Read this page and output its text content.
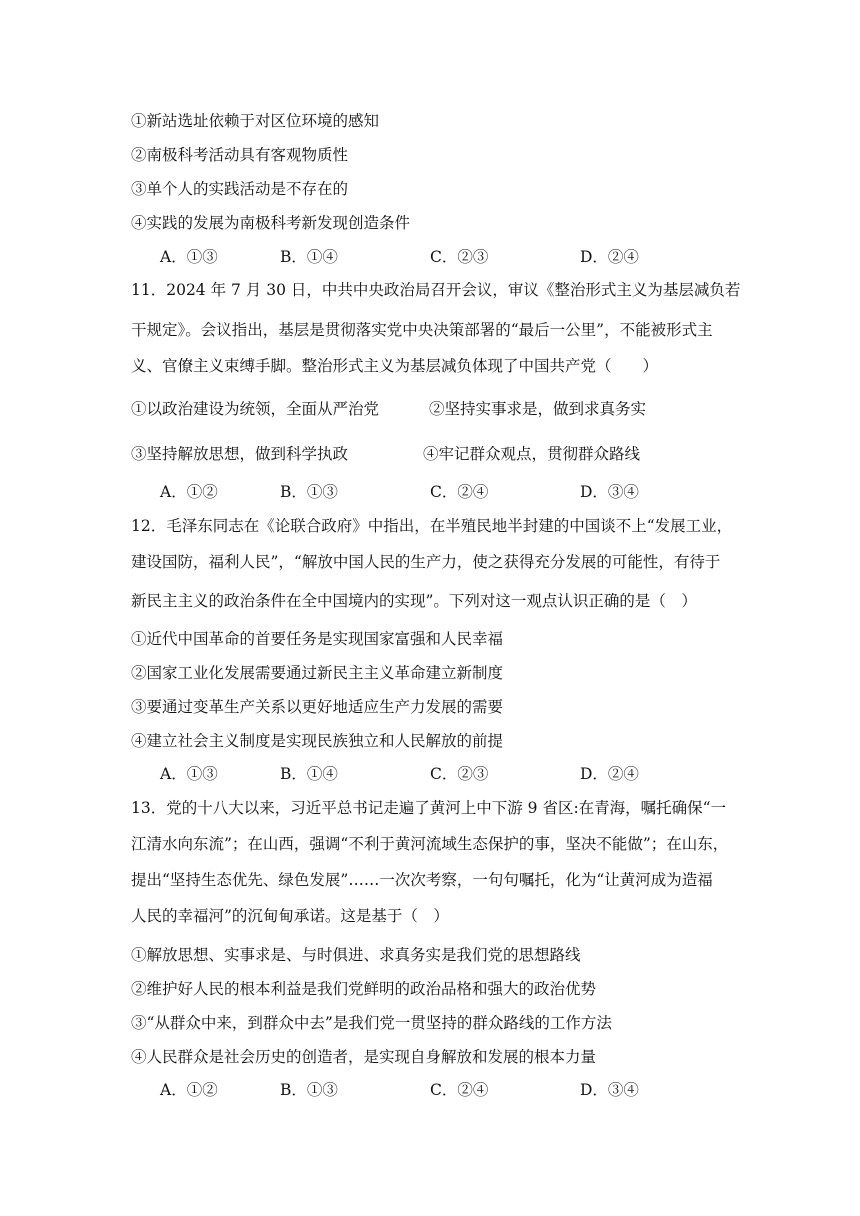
①新站选址依赖于对区位环境的感知
②南极科考活动具有客观物质性
③单个人的实践活动是不存在的
④实践的发展为南极科考新发现创造条件
A．①③	B．①④	C．②③	D．②④
11．2024 年 7 月 30 日，中共中央政治局召开会议，审议《整治形式主义为基层减负若
干规定》。会议指出，基层是贯彻落实党中央决策部署的“最后一公里”，不能被形式主
义、官僚主义束缚手脚。整治形式主义为基层减负体现了中国共产党（　　）
①以政治建设为统领，全面从严治党	②坚持实事求是，做到求真务实
③坚持解放思想，做到科学执政	④牢记群众观点，贯彻群众路线
A．①②	B．①③	C．②④	D．③④
12．毛泽东同志在《论联合政府》中指出，在半殖民地半封建的中国谈不上“发展工业，
建设国防，福利人民”，“解放中国人民的生产力，使之获得充分发展的可能性，有待于
新民主主义的政治条件在全中国境内的实现”。下列对这一观点认识正确的是（　）
①近代中国革命的首要任务是实现国家富强和人民幸福
②国家工业化发展需要通过新民主主义革命建立新制度
③要通过变革生产关系以更好地适应生产力发展的需要
④建立社会主义制度是实现民族独立和人民解放的前提
A．①③	B．①④	C．②③	D．②④
13．党的十八大以来，习近平总书记走遍了黄河上中下游 9 省区:在青海，嘱托确保“一
江清水向东流”；在山西，强调“不利于黄河流域生态保护的事，坚决不能做”；在山东，
提出“坚持生态优先、绿色发展”……一次次考察，一句句嘱托，化为“让黄河成为造福
人民的幸福河”的沉甸甸承诺。这是基于（　）
①解放思想、实事求是、与时俱进、求真务实是我们党的思想路线
②维护好人民的根本利益是我们党鲜明的政治品格和强大的政治优势
③“从群众中来，到群众中去”是我们党一贯坚持的群众路线的工作方法
④人民群众是社会历史的创造者，是实现自身解放和发展的根本力量
A．①②	B．①③	C．②④	D．③④
